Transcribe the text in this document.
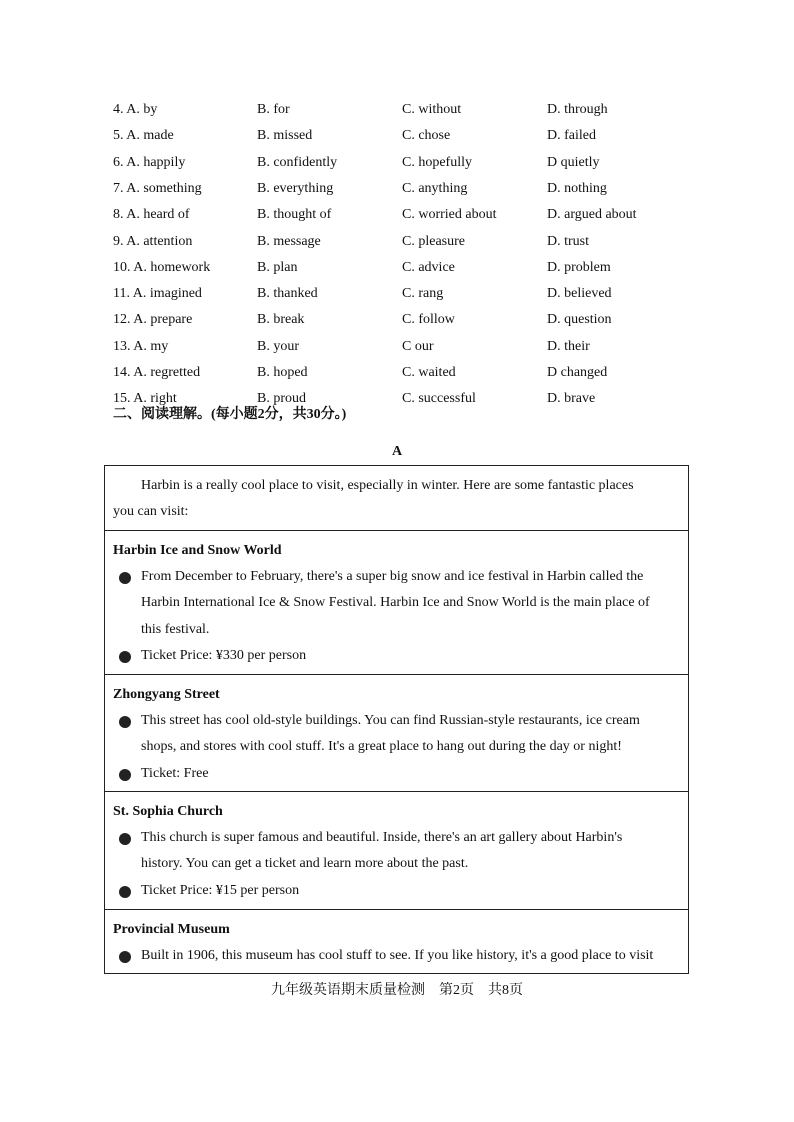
4. A. by	B. for	C. without	D. through
5. A. made	B. missed	C. chose	D. failed
6. A. happily	B. confidently	C. hopefully	D quietly
7. A. something	B. everything	C. anything	D. nothing
8. A. heard of	B. thought of	C. worried about	D. argued about
9. A. attention	B. message	C. pleasure	D. trust
10. A. homework	B. plan	C. advice	D. problem
11. A. imagined	B. thanked	C. rang	D. believed
12. A. prepare	B. break	C. follow	D. question
13. A. my	B. your	C our	D. their
14. A. regretted	B. hoped	C. waited	D changed
15. A. right	B. proud	C. successful	D. brave
二、阅读理解。(每小题2分，共30分。)
A
Harbin is a really cool place to visit, especially in winter. Here are some fantastic places
you can visit:
Harbin Ice and Snow World
From December to February, there's a super big snow and ice festival in Harbin called the
Harbin International Ice & Snow Festival. Harbin Ice and Snow World is the main place of
this festival.
Ticket Price: ¥330 per person
Zhongyang Street
This street has cool old-style buildings. You can find Russian-style restaurants, ice cream
shops, and stores with cool stuff. It's a great place to hang out during the day or night!
Ticket: Free
St. Sophia Church
This church is super famous and beautiful. Inside, there's an art gallery about Harbin's
history. You can get a ticket and learn more about the past.
Ticket Price: ¥15 per person
Provincial Museum
Built in 1906, this museum has cool stuff to see. If you like history, it's a good place to visit
九年级英语期末质量检测　第2页　共8页
